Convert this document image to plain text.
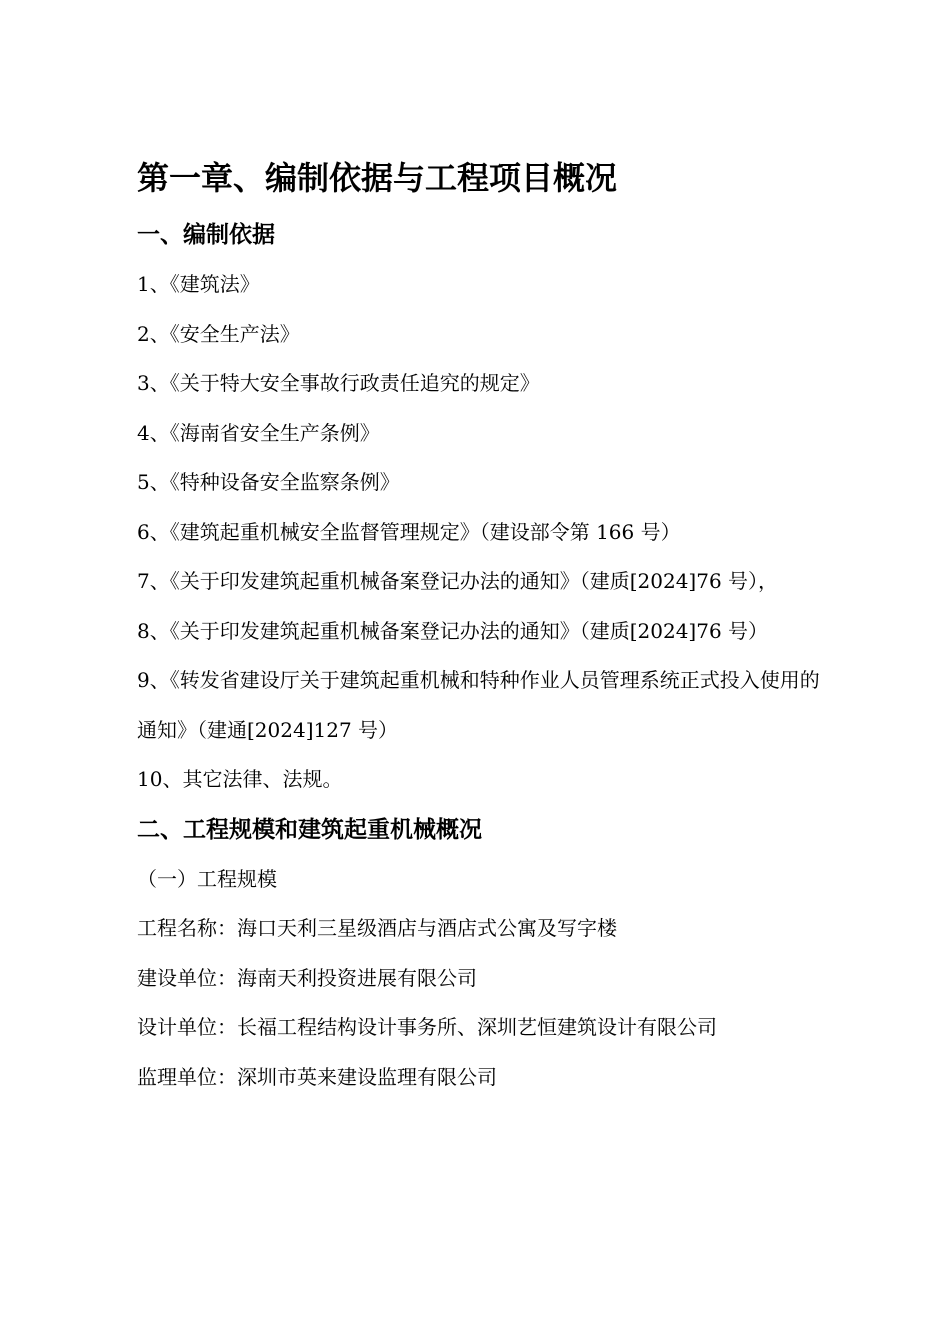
第一章、编制依据与工程项目概况
一、编制依据

1、《建筑法》

2、《安全生产法》

3、《关于特大安全事故行政责任追究的规定》

4、《海南省安全生产条例》

5、《特种设备安全监察条例》

6、《建筑起重机械安全监督管理规定》（建设部令第 166 号）

7、《关于印发建筑起重机械备案登记办法的通知》（建质[2024]76 号），

8、《关于印发建筑起重机械备案登记办法的通知》（建质[2024]76 号）

9、《转发省建设厅关于建筑起重机械和特种作业人员管理系统正式投入使用的通知》（建通[2024]127 号）

10、其它法律、法规。

二、工程规模和建筑起重机械概况

（一）工程规模

工程名称：海口天利三星级酒店与酒店式公寓及写字楼

建设单位：海南天利投资进展有限公司

设计单位：长福工程结构设计事务所、深圳艺恒建筑设计有限公司

监理单位：深圳市英来建设监理有限公司
